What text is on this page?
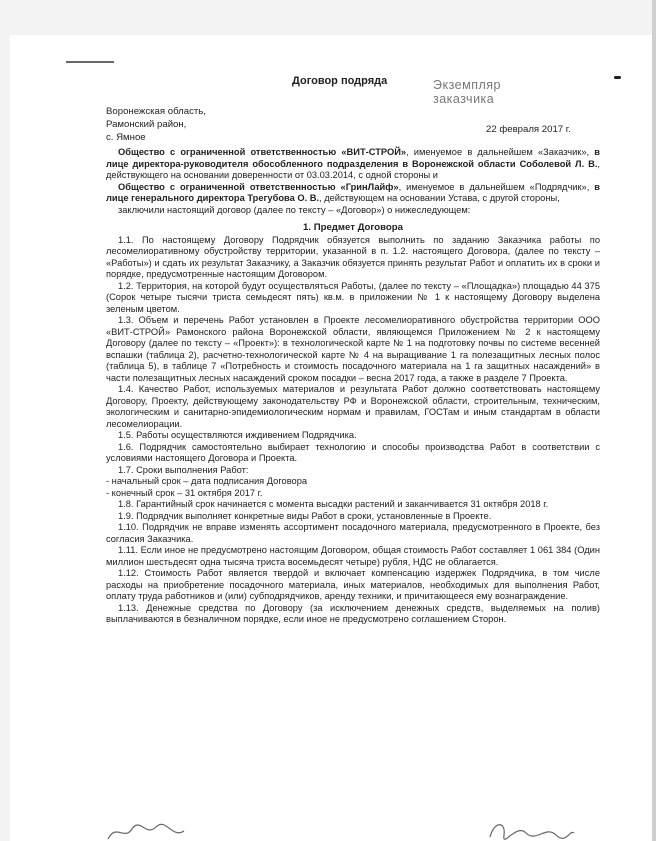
Договор подряда	Экземпляр
заказчика
Воронежская область,
Рамонский район,
с. Ямное
22 февраля 2017 г.

Общество с ограниченной ответственностью «ВИТ-СТРОЙ», именуемое в дальнейшем «Заказчик», в лице директора-руководителя обособленного подразделения в Воронежской области Соболевой Л. В., действующего на основании доверенности от 03.03.2014, с одной стороны и

Общество с ограниченной ответственностью «ГринЛайф», именуемое в дальнейшем «Подрядчик», в лице генерального директора Трегубова О. В., действующем на основании Устава, с другой стороны,

заключили настоящий договор (далее по тексту – «Договор») о нижеследующем:

1. Предмет Договора

1.1. По настоящему Договору Подрядчик обязуется выполнить по заданию Заказчика работы по лесомелиоративному обустройству территории, указанной в п. 1.2. настоящего Договора, (далее по тексту – «Работы») и сдать их результат Заказчику, а Заказчик обязуется принять результат Работ и оплатить их в сроки и порядке, предусмотренные настоящим Договором.

1.2. Территория, на которой будут осуществляться Работы, (далее по тексту – «Площадка») площадью 44 375 (Сорок четыре тысячи триста семьдесят пять) кв.м. в приложении № 1 к настоящему Договору выделена зеленым цветом.

1.3. Объем и перечень Работ установлен в Проекте лесомелиоративного обустройства территории ООО «ВИТ-СТРОЙ» Рамонского района Воронежской области, являющемся Приложением № 2 к настоящему Договору (далее по тексту – «Проект»): в технологической карте № 1 на подготовку почвы по системе весенней вспашки (таблица 2), расчетно-технологической карте № 4 на выращивание 1 га полезащитных лесных полос (таблица 5), в таблице 7 «Потребность и стоимость посадочного материала на 1 га защитных насаждений» в части полезащитных лесных насаждений сроком посадки – весна 2017 года, а также в разделе 7 Проекта.

1.4. Качество Работ, используемых материалов и результата Работ должно соответствовать настоящему Договору, Проекту, действующему законодательству РФ и Воронежской области, строительным, техническим, экологическим и санитарно-эпидемиологическим нормам и правилам, ГОСТам и иным стандартам в области лесомелиорации.

1.5. Работы осуществляются иждивением Подрядчика.

1.6. Подрядчик самостоятельно выбирает технологию и способы производства Работ в соответствии с условиями настоящего Договора и Проекта.

1.7. Сроки выполнения Работ:

- начальный срок – дата подписания Договора

- конечный срок – 31 октября 2017 г.

1.8. Гарантийный срок начинается с момента высадки растений и заканчивается 31 октября 2018 г.

1.9. Подрядчик выполняет конкретные виды Работ в сроки, установленные в Проекте.

1.10. Подрядчик не вправе изменять ассортимент посадочного материала, предусмотренного в Проекте, без согласия Заказчика.

1.11. Если иное не предусмотрено настоящим Договором, общая стоимость Работ составляет 1 061 384 (Один миллион шестьдесят одна тысяча триста восемьдесят четыре) рубля, НДС не облагается.

1.12. Стоимость Работ является твердой и включает компенсацию издержек Подрядчика, в том числе расходы на приобретение посадочного материала, иных материалов, необходимых для выполнения Работ, оплату труда работников и (или) субподрядчиков, аренду техники, и причитающееся ему вознаграждение.

1.13. Денежные средства по Договору (за исключением денежных средств, выделяемых на полив) выплачиваются в безналичном порядке, если иное не предусмотрено соглашением Сторон.
